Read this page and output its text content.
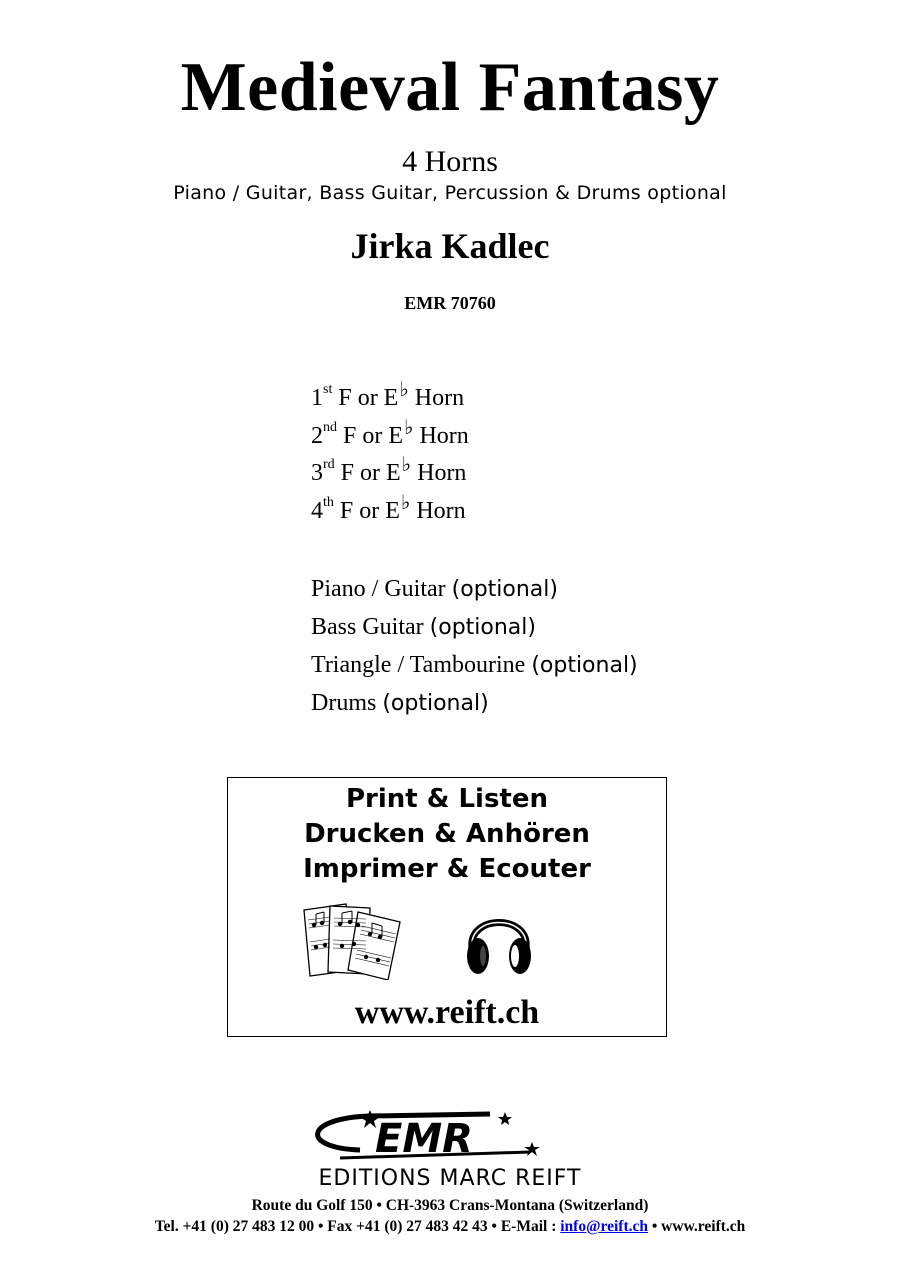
Medieval Fantasy
4 Horns
Piano / Guitar, Bass Guitar, Percussion & Drums optional
Jirka Kadlec
EMR 70760
1st F or E♭ Horn
2nd F or E♭ Horn
3rd F or E♭ Horn
4th F or E♭ Horn
Piano / Guitar (optional)
Bass Guitar (optional)
Triangle / Tambourine (optional)
Drums (optional)
Print & Listen
Drucken & Anhören
Imprimer & Ecouter
www.reift.ch
EMR
EDITIONS MARC REIFT
Route du Golf 150 • CH-3963 Crans-Montana (Switzerland)
Tel. +41 (0) 27 483 12 00 • Fax +41 (0) 27 483 42 43 • E-Mail : info@reift.ch • www.reift.ch
